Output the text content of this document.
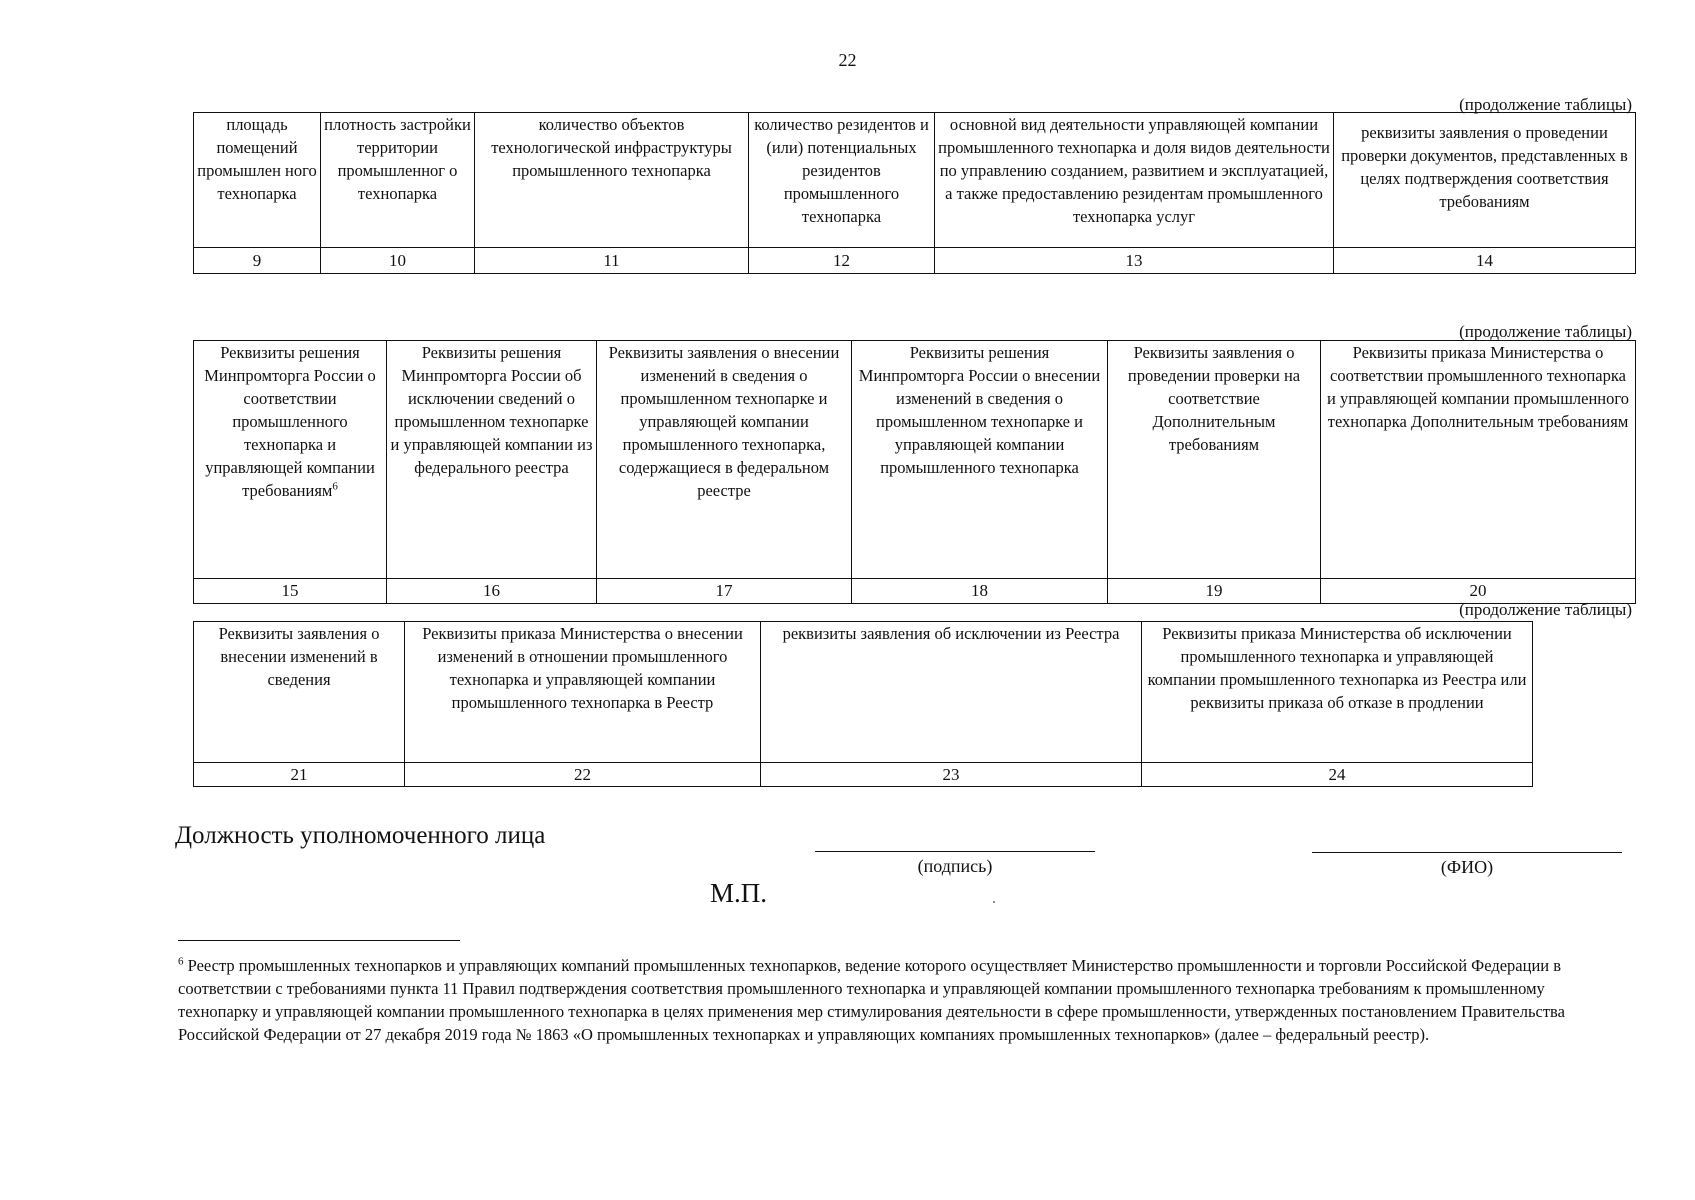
22
(продолжение таблицы)
площадь помещений промышлен ного технопарка	плотность застройки территории промышленног о технопарка	количество объектов технологической инфраструктуры промышленного технопарка	количество резидентов и (или) потенциальных резидентов промышленного технопарка	основной вид деятельности управляющей компании промышленного технопарка и доля видов деятельности по управлению созданием, развитием и эксплуатацией, а также предоставлению резидентам промышленного технопарка услуг	реквизиты заявления о проведении проверки документов, представленных в целях подтверждения соответствия требованиям
9	10	11	12	13	14
(продолжение таблицы)
Реквизиты решения Минпромторга России о соответствии промышленного технопарка и управляющей компании требованиям$^6$	Реквизиты решения Минпромторга России об исключении сведений о промышленном технопарке и управляющей компании из федерального реестра	Реквизиты заявления о внесении изменений в сведения о промышленном технопарке и управляющей компании промышленного технопарка, содержащиеся в федеральном реестре	Реквизиты решения Минпромторга России о внесении изменений в сведения о промышленном технопарке и управляющей компании промышленного технопарка	Реквизиты заявления о проведении проверки на соответствие Дополнительным требованиям	Реквизиты приказа Министерства о соответствии промышленного технопарка и управляющей компании промышленного технопарка Дополнительным требованиям
15	16	17	18	19	20
(продолжение таблицы)
Реквизиты заявления о внесении изменений в сведения	Реквизиты приказа Министерства о внесении изменений в отношении промышленного технопарка и управляющей компании промышленного технопарка в Реестр	реквизиты заявления об исключении из Реестра	Реквизиты приказа Министерства об исключении промышленного технопарка и управляющей компании промышленного технопарка из Реестра или реквизиты приказа об отказе в продлении
21	22	23	24
Должность уполномоченного лица
(подпись)	(ФИО)
М.П.
$^6$ Реестр промышленных технопарков и управляющих компаний промышленных технопарков, ведение которого осуществляет Министерство промышленности и торговли Российской Федерации в соответствии с требованиями пункта 11 Правил подтверждения соответствия промышленного технопарка и управляющей компании промышленного технопарка требованиям к промышленному технопарку и управляющей компании промышленного технопарка в целях применения мер стимулирования деятельности в сфере промышленности, утвержденных постановлением Правительства Российской Федерации от 27 декабря 2019 года № 1863 «О промышленных технопарках и управляющих компаниях промышленных технопарков» (далее – федеральный реестр).
